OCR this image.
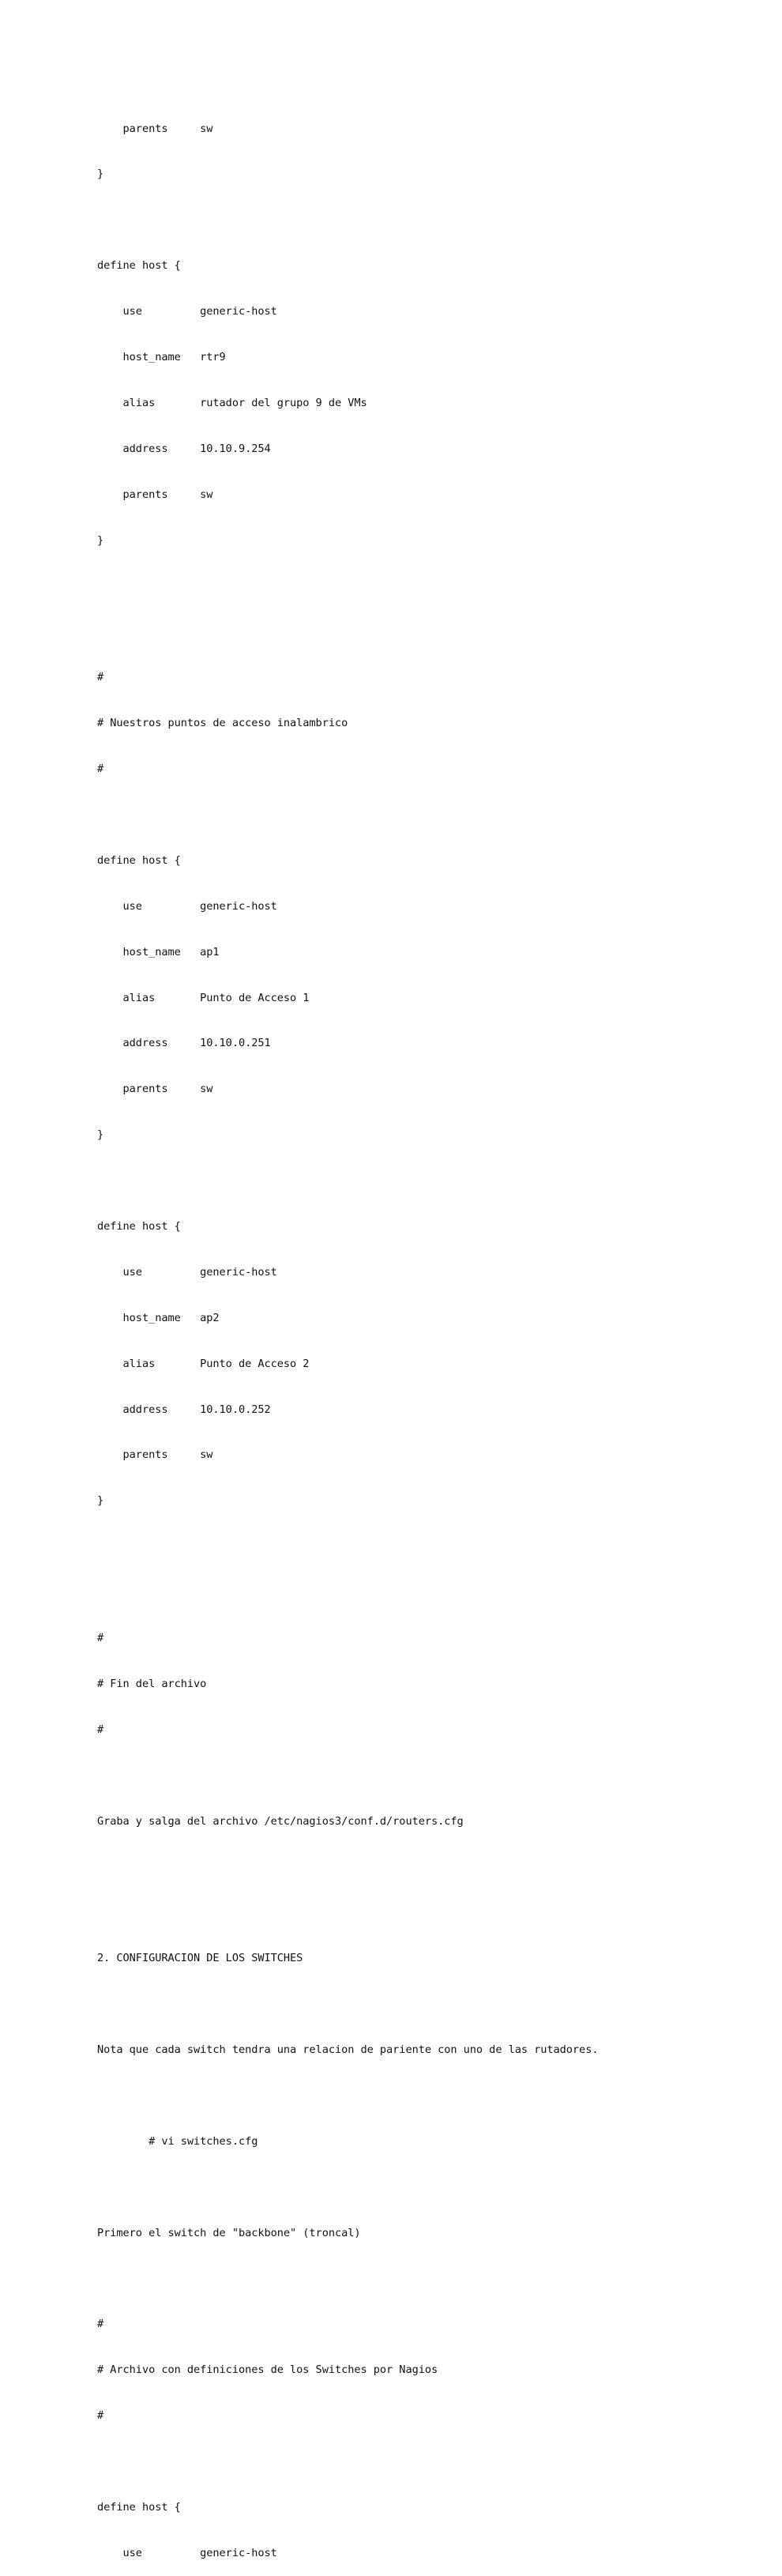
parents     sw

}

define host {

use         generic-host

host_name   rtr9

alias       rutador del grupo 9 de VMs

address     10.10.9.254

parents     sw

}

#

# Nuestros puntos de acceso inalambrico

#

define host {

use         generic-host

host_name   ap1

alias       Punto de Acceso 1

address     10.10.0.251

parents     sw

}

define host {

use         generic-host

host_name   ap2

alias       Punto de Acceso 2

address     10.10.0.252

parents     sw

}

#

# Fin del archivo

#

Graba y salga del archivo /etc/nagios3/conf.d/routers.cfg

2. CONFIGURACION DE LOS SWITCHES

Nota que cada switch tendra una relacion de pariente con uno de las rutadores.

# vi switches.cfg

Primero el switch de "backbone" (troncal)

#

# Archivo con definiciones de los Switches por Nagios

#

define host {

use         generic-host
